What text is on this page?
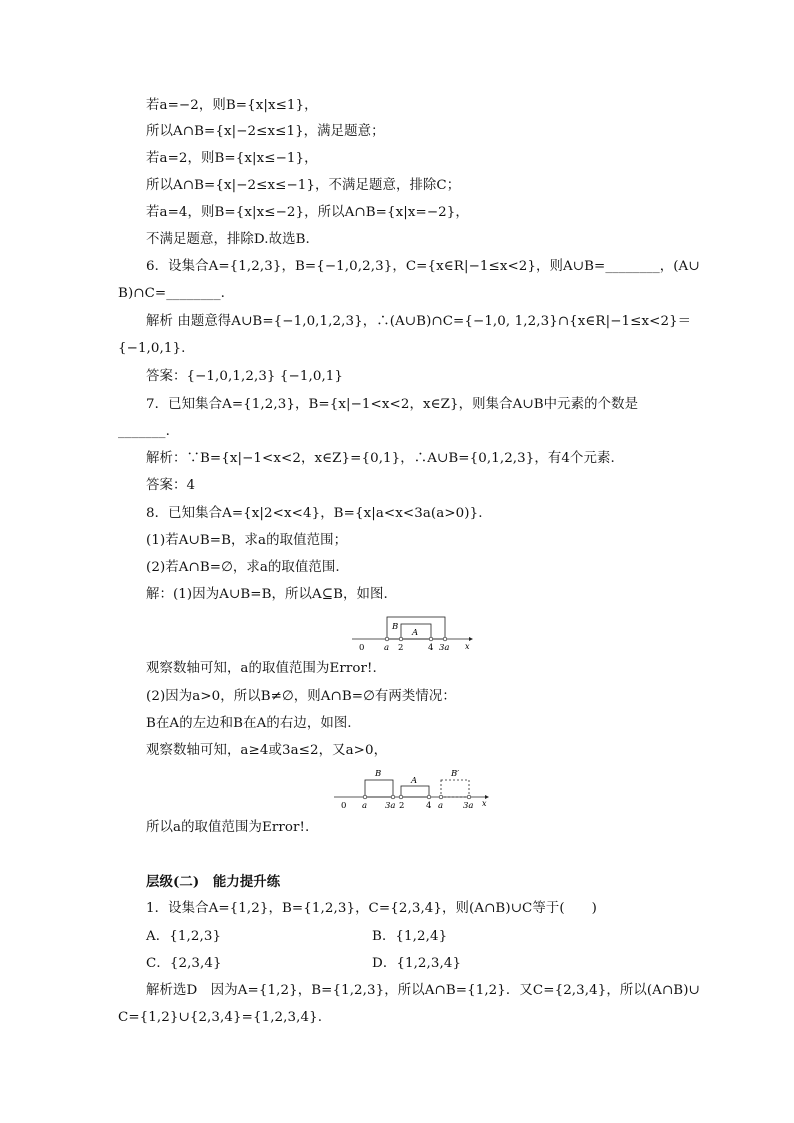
若a=−2，则B={x|x≤1}，
所以A∩B={x|−2≤x≤1}，满足题意；
若a=2，则B={x|x≤−1}，
所以A∩B={x|−2≤x≤−1}，不满足题意，排除C；
若a=4，则B={x|x≤−2}，所以A∩B={x|x=−2}，
不满足题意，排除D.故选B.
6．设集合A={1,2,3}，B={−1,0,2,3}，C={x∈R|−1≤x<2}，则A∪B=________，(A∪
B)∩C=________.
解析 由题意得A∪B={−1,0,1,2,3}，∴(A∪B)∩C={−1,0, 1,2,3}∩{x∈R|−1≤x<2}＝
{−1,0,1}.
答案：{−1,0,1,2,3} {−1,0,1}
7．已知集合A={1,2,3}，B={x|−1<x<2，x∈Z}，则集合A∪B中元素的个数是
_______.
解析：∵B={x|−1<x<2，x∈Z}={0,1}，∴A∪B={0,1,2,3}，有4个元素.
答案：4
8．已知集合A={x|2<x<4}，B={x|a<x<3a(a>0)}.
(1)若A∪B=B，求a的取值范围；
(2)若A∩B=∅，求a的取值范围.
解：(1)因为A∪B=B，所以A⊆B，如图.
B
A
0 a 2	4 3a x
观察数轴可知，a的取值范围为Error!.
(2)因为a>0，所以B≠∅，则A∩B=∅有两类情况：
B在A的左边和B在A的右边，如图.
观察数轴可知，a≥4或3a≤2，又a>0，
B
A
B′
0 a 3a 2	4 a 3a x
所以a的取值范围为Error!.
层级(二)　能力提升练
1．设集合A={1,2}，B={1,2,3}，C={2,3,4}，则(A∩B)∪C等于(　　)
A．{1,2,3}	B．{1,2,4}
C．{2,3,4}	D．{1,2,3,4}
解析选D　因为A={1,2}，B={1,2,3}，所以A∩B={1,2}．又C={2,3,4}，所以(A∩B)∪
C={1,2}∪{2,3,4}={1,2,3,4}.
